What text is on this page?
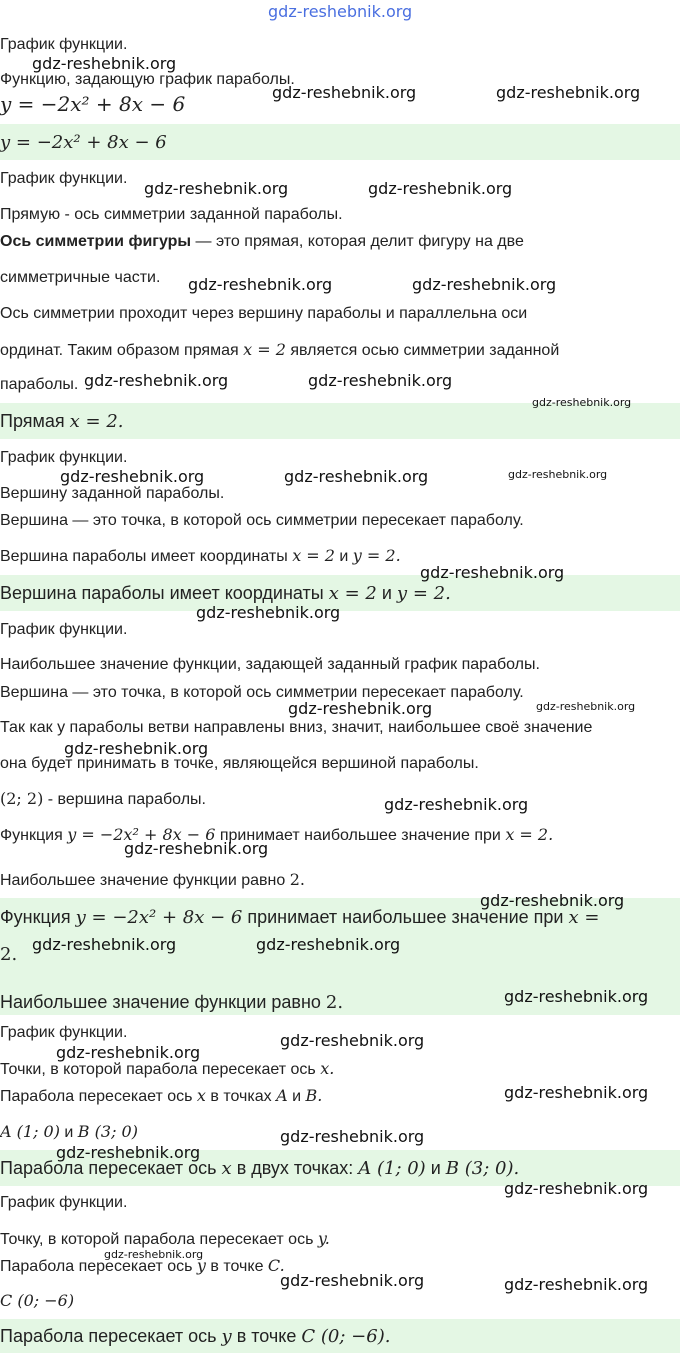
gdz-reshebnik.org
График функции.
Функцию, задающую график параболы.
y = −2x² + 8x − 6
y = −2x² + 8x − 6
График функции.
Прямую - ось симметрии заданной параболы.
Ось симметрии фигуры — это прямая, которая делит фигуру на две
симметричные части.
Ось симметрии проходит через вершину параболы и параллельна оси
ординат. Таким образом прямая x = 2 является осью симметрии заданной
параболы.
Прямая x = 2.
График функции.
Вершину заданной параболы.
Вершина — это точка, в которой ось симметрии пересекает параболу.
Вершина параболы имеет координаты x = 2 и y = 2.
Вершина параболы имеет координаты x = 2 и y = 2.
График функции.
Наибольшее значение функции, задающей заданный график параболы.
Вершина — это точка, в которой ось симметрии пересекает параболу.
Так как у параболы ветви направлены вниз, значит, наибольшее своё значение
она будет принимать в точке, являющейся вершиной параболы.
(2; 2) - вершина параболы.
Функция y = −2x² + 8x − 6 принимает наибольшее значение при x = 2.
Наибольшее значение функции равно 2.
Функция y = −2x² + 8x − 6 принимает наибольшее значение при x =
2.
Наибольшее значение функции равно 2.
График функции.
Точки, в которой парабола пересекает ось x.
Парабола пересекает ось x в точках A и B.
A (1; 0) и B (3; 0)
Парабола пересекает ось x в двух точках: A (1; 0) и B (3; 0).
График функции.
Точку, в которой парабола пересекает ось y.
Парабола пересекает ось y в точке C.
C (0; −6)
Парабола пересекает ось y в точке C (0; −6).
gdz-reshebnik.org
gdz-reshebnik.org	gdz-reshebnik.org
gdz-reshebnik.org	gdz-reshebnik.org
gdz-reshebnik.org	gdz-reshebnik.org
gdz-reshebnik.org	gdz-reshebnik.org
gdz-reshebnik.org
gdz-reshebnik.org	gdz-reshebnik.org	gdz-reshebnik.org
gdz-reshebnik.org
gdz-reshebnik.org
gdz-reshebnik.org	gdz-reshebnik.org
gdz-reshebnik.org
gdz-reshebnik.org
gdz-reshebnik.org
gdz-reshebnik.org
gdz-reshebnik.org	gdz-reshebnik.org
gdz-reshebnik.org
gdz-reshebnik.org
gdz-reshebnik.org
gdz-reshebnik.org
gdz-reshebnik.org
gdz-reshebnik.org
gdz-reshebnik.org
gdz-reshebnik.org
gdz-reshebnik.org	gdz-reshebnik.org
